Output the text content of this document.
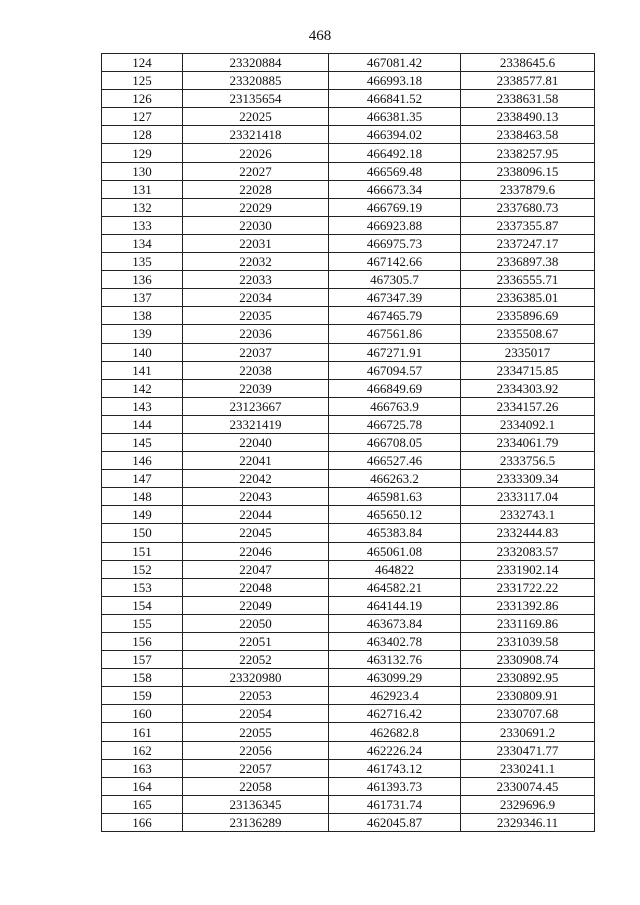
468
124	23320884	467081.42	2338645.6
125	23320885	466993.18	2338577.81
126	23135654	466841.52	2338631.58
127	22025	466381.35	2338490.13
128	23321418	466394.02	2338463.58
129	22026	466492.18	2338257.95
130	22027	466569.48	2338096.15
131	22028	466673.34	2337879.6
132	22029	466769.19	2337680.73
133	22030	466923.88	2337355.87
134	22031	466975.73	2337247.17
135	22032	467142.66	2336897.38
136	22033	467305.7	2336555.71
137	22034	467347.39	2336385.01
138	22035	467465.79	2335896.69
139	22036	467561.86	2335508.67
140	22037	467271.91	2335017
141	22038	467094.57	2334715.85
142	22039	466849.69	2334303.92
143	23123667	466763.9	2334157.26
144	23321419	466725.78	2334092.1
145	22040	466708.05	2334061.79
146	22041	466527.46	2333756.5
147	22042	466263.2	2333309.34
148	22043	465981.63	2333117.04
149	22044	465650.12	2332743.1
150	22045	465383.84	2332444.83
151	22046	465061.08	2332083.57
152	22047	464822	2331902.14
153	22048	464582.21	2331722.22
154	22049	464144.19	2331392.86
155	22050	463673.84	2331169.86
156	22051	463402.78	2331039.58
157	22052	463132.76	2330908.74
158	23320980	463099.29	2330892.95
159	22053	462923.4	2330809.91
160	22054	462716.42	2330707.68
161	22055	462682.8	2330691.2
162	22056	462226.24	2330471.77
163	22057	461743.12	2330241.1
164	22058	461393.73	2330074.45
165	23136345	461731.74	2329696.9
166	23136289	462045.87	2329346.11
